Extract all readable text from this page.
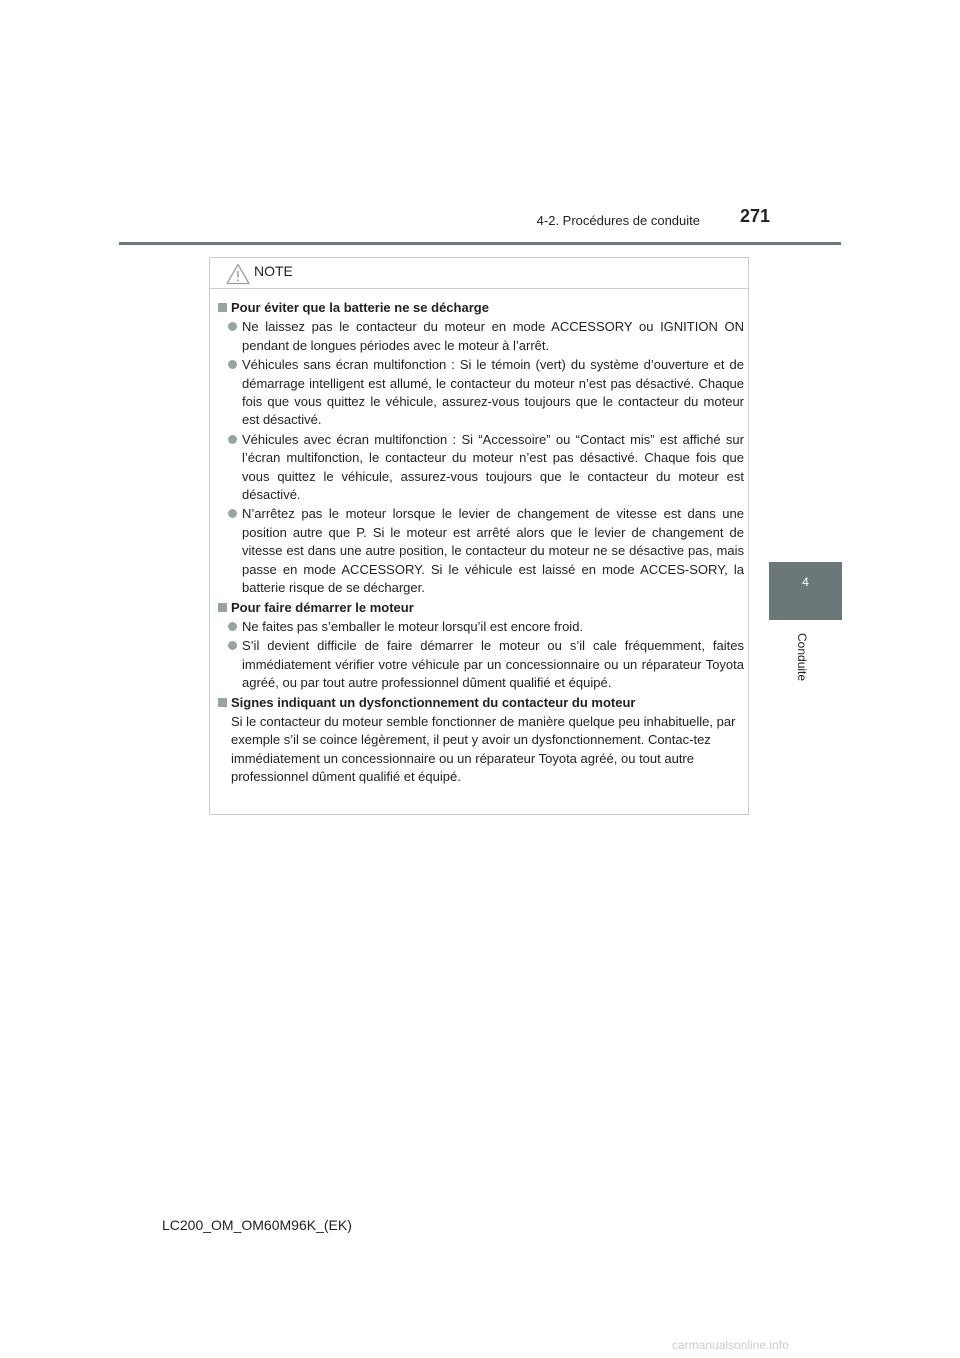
4-2. Procédures de conduite 271
4
Conduite
NOTE
Pour éviter que la batterie ne se décharge
Ne laissez pas le contacteur du moteur en mode ACCESSORY ou IGNITION ON pendant de longues périodes avec le moteur à l’arrêt.
Véhicules sans écran multifonction : Si le témoin (vert) du système d’ouverture et de démarrage intelligent est allumé, le contacteur du moteur n’est pas désactivé. Chaque fois que vous quittez le véhicule, assurez-vous toujours que le contacteur du moteur est désactivé.
Véhicules avec écran multifonction : Si “Accessoire” ou “Contact mis” est affiché sur l’écran multifonction, le contacteur du moteur n’est pas désactivé. Chaque fois que vous quittez le véhicule, assurez-vous toujours que le contacteur du moteur est désactivé.
N’arrêtez pas le moteur lorsque le levier de changement de vitesse est dans une position autre que P. Si le moteur est arrêté alors que le levier de changement de vitesse est dans une autre position, le contacteur du moteur ne se désactive pas, mais passe en mode ACCESSORY. Si le véhicule est laissé en mode ACCES-SORY, la batterie risque de se décharger.
Pour faire démarrer le moteur
Ne faites pas s’emballer le moteur lorsqu’il est encore froid.
S’il devient difficile de faire démarrer le moteur ou s’il cale fréquemment, faites immédiatement vérifier votre véhicule par un concessionnaire ou un réparateur Toyota agréé, ou par tout autre professionnel dûment qualifié et équipé.
Signes indiquant un dysfonctionnement du contacteur du moteur
Si le contacteur du moteur semble fonctionner de manière quelque peu inhabituelle, par exemple s’il se coince légèrement, il peut y avoir un dysfonctionnement. Contac-tez immédiatement un concessionnaire ou un réparateur Toyota agréé, ou tout autre professionnel dûment qualifié et équipé.
LC200_OM_OM60M96K_(EK)
carmanualsonline.info
